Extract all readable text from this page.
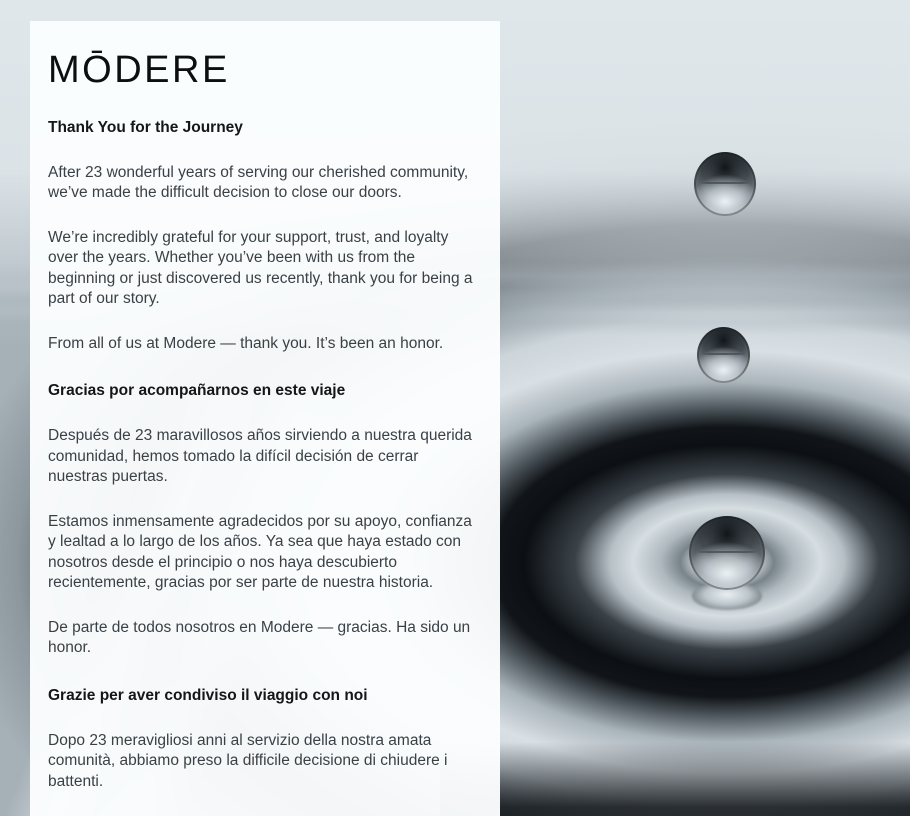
MŌDERE
Thank You for the Journey

After 23 wonderful years of serving our cherished community, we’ve made the difficult decision to close our doors.

We’re incredibly grateful for your support, trust, and loyalty over the years. Whether you’ve been with us from the beginning or just discovered us recently, thank you for being a part of our story.

From all of us at Modere — thank you. It’s been an honor.

Gracias por acompañarnos en este viaje

Después de 23 maravillosos años sirviendo a nuestra querida comunidad, hemos tomado la difícil decisión de cerrar nuestras puertas.

Estamos inmensamente agradecidos por su apoyo, confianza y lealtad a lo largo de los años. Ya sea que haya estado con nosotros desde el principio o nos haya descubierto recientemente, gracias por ser parte de nuestra historia.

De parte de todos nosotros en Modere — gracias. Ha sido un honor.

Grazie per aver condiviso il viaggio con noi

Dopo 23 meravigliosi anni al servizio della nostra amata comunità, abbiamo preso la difficile decisione di chiudere i battenti.
